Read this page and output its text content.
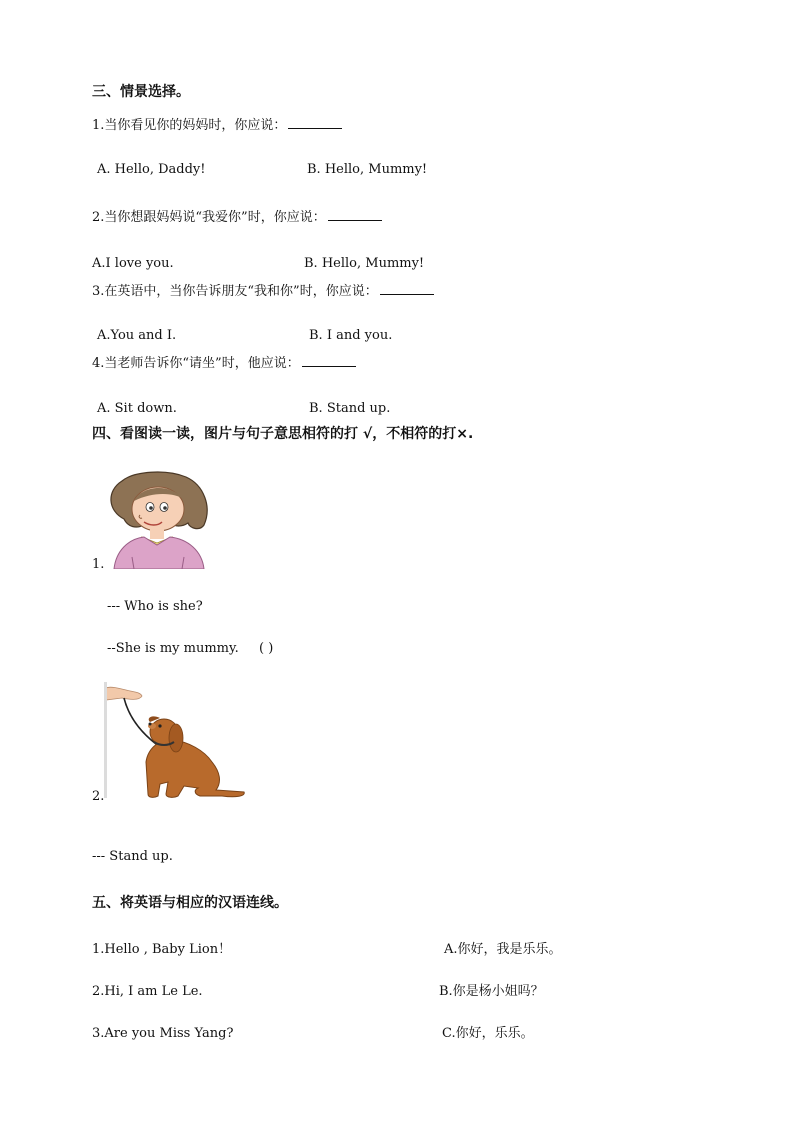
三、情景选择。
1.当你看见你的妈妈时，你应说：
A. Hello, Daddy!	B. Hello, Mummy!
2.当你想跟妈妈说“我爱你”时，你应说：
A.I love you.	B. Hello, Mummy!
3.在英语中，当你告诉朋友“我和你”时，你应说：
A.You and I.	B. I and you.
4.当老师告诉你“请坐”时，他应说：
A. Sit down.	B. Stand up.
四、看图读一读，图片与句子意思相符的打 √，不相符的打×.
1.
--- Who is she?
--She is my mummy. ( )
2.
--- Stand up.
五、将英语与相应的汉语连线。
1.Hello , Baby Lion！	A.你好，我是乐乐。
2.Hi, I am Le Le.	B.你是杨小姐吗？
3.Are you Miss Yang?	C.你好，乐乐。
